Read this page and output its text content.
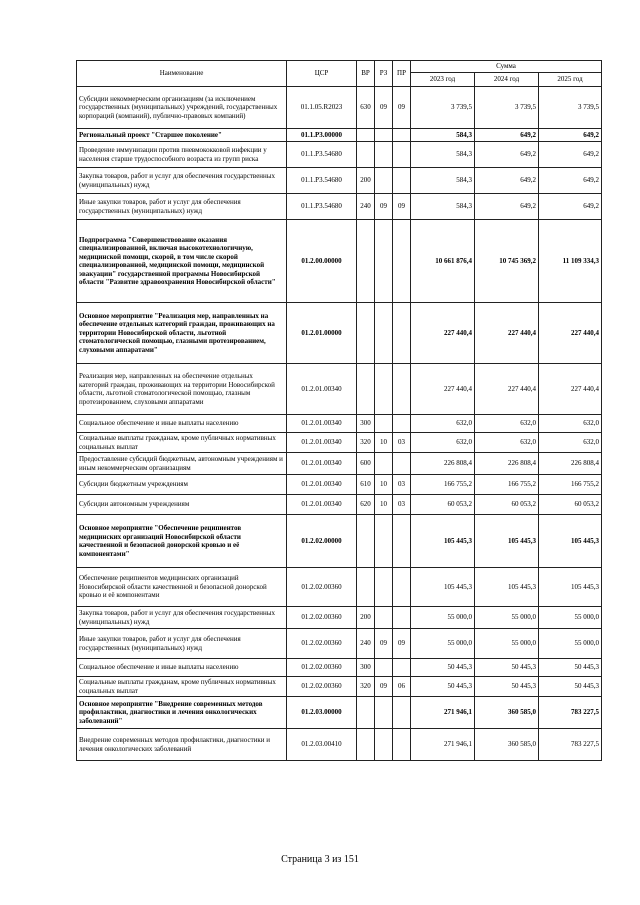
Наименование	ЦСР	ВР	РЗ	ПР	Сумма		
					2023 год	2024 год	2025 год
Субсидии некоммерческим организациям (за исключением государственных (муниципальных) учреждений, государственных корпораций (компаний), публично-правовых компаний)	01.1.05.R2023	630	09	09	3 739,5	3 739,5	3 739,5
Региональный проект "Старшее поколение"	01.1.P3.00000				584,3	649,2	649,2
Проведение иммунизации против пневмококковой инфекции у населения старше трудоспособного возраста из групп риска	01.1.P3.54680				584,3	649,2	649,2
Закупка товаров, работ и услуг для обеспечения государственных (муниципальных) нужд	01.1.P3.54680	200			584,3	649,2	649,2
Иные закупки товаров, работ и услуг для обеспечения государственных (муниципальных) нужд	01.1.P3.54680	240	09	09	584,3	649,2	649,2
Подпрограмма "Совершенствование оказания специализированной, включая высокотехнологичную, медицинской помощи, скорой, в том числе скорой специализированной, медицинской помощи, медицинской эвакуации" государственной программы Новосибирской области "Развитие здравоохранения Новосибирской области"	01.2.00.00000				10 661 876,4	10 745 369,2	11 109 334,3
Основное мероприятие "Реализация мер, направленных на обеспечение отдельных категорий граждан, проживающих на территории Новосибирской области, льготной стоматологической помощью, глазными протезированием, слуховыми аппаратами"	01.2.01.00000				227 440,4	227 440,4	227 440,4
Реализация мер, направленных на обеспечение отдельных категорий граждан, проживающих на территории Новосибирской области, льготной стоматологической помощью, глазным протезированием, слуховыми аппаратами	01.2.01.00340				227 440,4	227 440,4	227 440,4
Социальное обеспечение и иные выплаты населению	01.2.01.00340	300			632,0	632,0	632,0
Социальные выплаты гражданам, кроме публичных нормативных социальных выплат	01.2.01.00340	320	10	03	632,0	632,0	632,0
Предоставление субсидий бюджетным, автономным учреждениям и иным некоммерческим организациям	01.2.01.00340	600			226 808,4	226 808,4	226 808,4
Субсидии бюджетным учреждениям	01.2.01.00340	610	10	03	166 755,2	166 755,2	166 755,2
Субсидии автономным учреждениям	01.2.01.00340	620	10	03	60 053,2	60 053,2	60 053,2
Основное мероприятие "Обеспечение реципиентов медицинских организаций Новосибирской области качественной и безопасной донорской кровью и её компонентами"	01.2.02.00000				105 445,3	105 445,3	105 445,3
Обеспечение реципиентов медицинских организаций Новосибирской области качественной и безопасной донорской кровью и её компонентами	01.2.02.00360				105 445,3	105 445,3	105 445,3
Закупка товаров, работ и услуг для обеспечения государственных (муниципальных) нужд	01.2.02.00360	200			55 000,0	55 000,0	55 000,0
Иные закупки товаров, работ и услуг для обеспечения государственных (муниципальных) нужд	01.2.02.00360	240	09	09	55 000,0	55 000,0	55 000,0
Социальное обеспечение и иные выплаты населению	01.2.02.00360	300			50 445,3	50 445,3	50 445,3
Социальные выплаты гражданам, кроме публичных нормативных социальных выплат	01.2.02.00360	320	09	06	50 445,3	50 445,3	50 445,3
Основное мероприятие "Внедрение современных методов профилактики, диагностики и лечения онкологических заболеваний"	01.2.03.00000				271 946,1	360 585,0	783 227,5
Внедрение современных методов профилактики, диагностики и лечения онкологических заболеваний	01.2.03.00410				271 946,1	360 585,0	783 227,5
Страница 3 из 151
